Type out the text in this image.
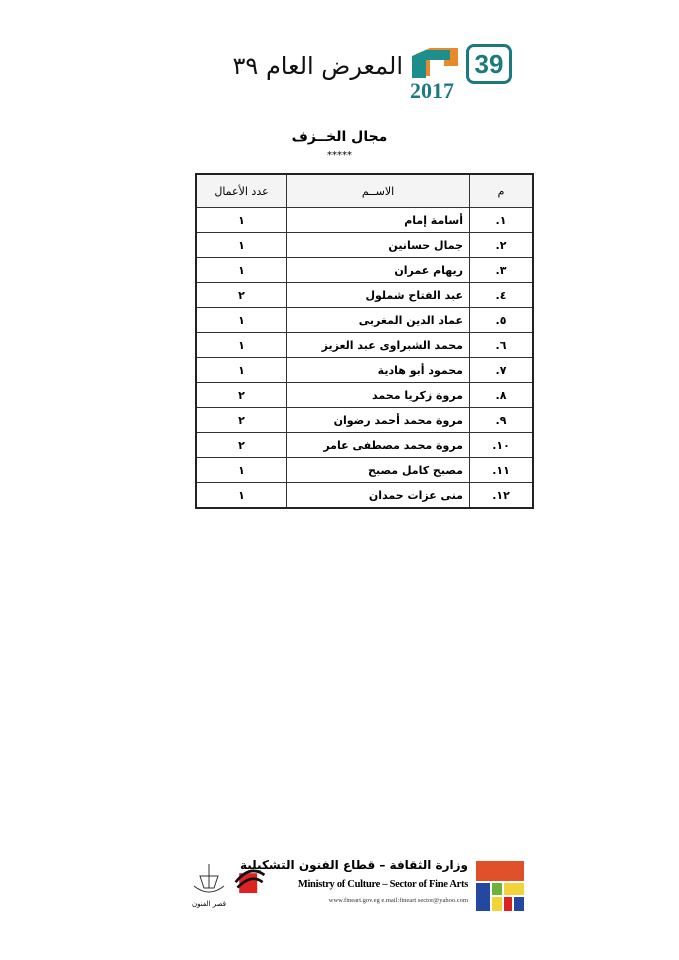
المعرض العام ٣٩	39
2017
مجال الخــزف
*****
م	الاســم	عدد الأعمال
١.	أسامة إمام	١
٢.	جمال حسانين	١
٣.	ريهام عمران	١
٤.	عبد الفتاح شملول	٢
٥.	عماد الدين المغربى	١
٦.	محمد الشبراوى عبد العزيز	١
٧.	محمود أبو هادية	١
٨.	مروة زكريا محمد	٢
٩.	مروة محمد أحمد رضوان	٢
١٠.	مروة محمد مصطفى عامر	٢
١١.	مصبح كامل مصبح	١
١٢.	منى عزات حمدان	١
قصر الفنون
وزارة الثقافة – قطاع الفنون التشكيلية
Ministry of Culture – Sector of Fine Arts
www.fineart.gov.eg e.mail:fineart sector@yahoo.com
